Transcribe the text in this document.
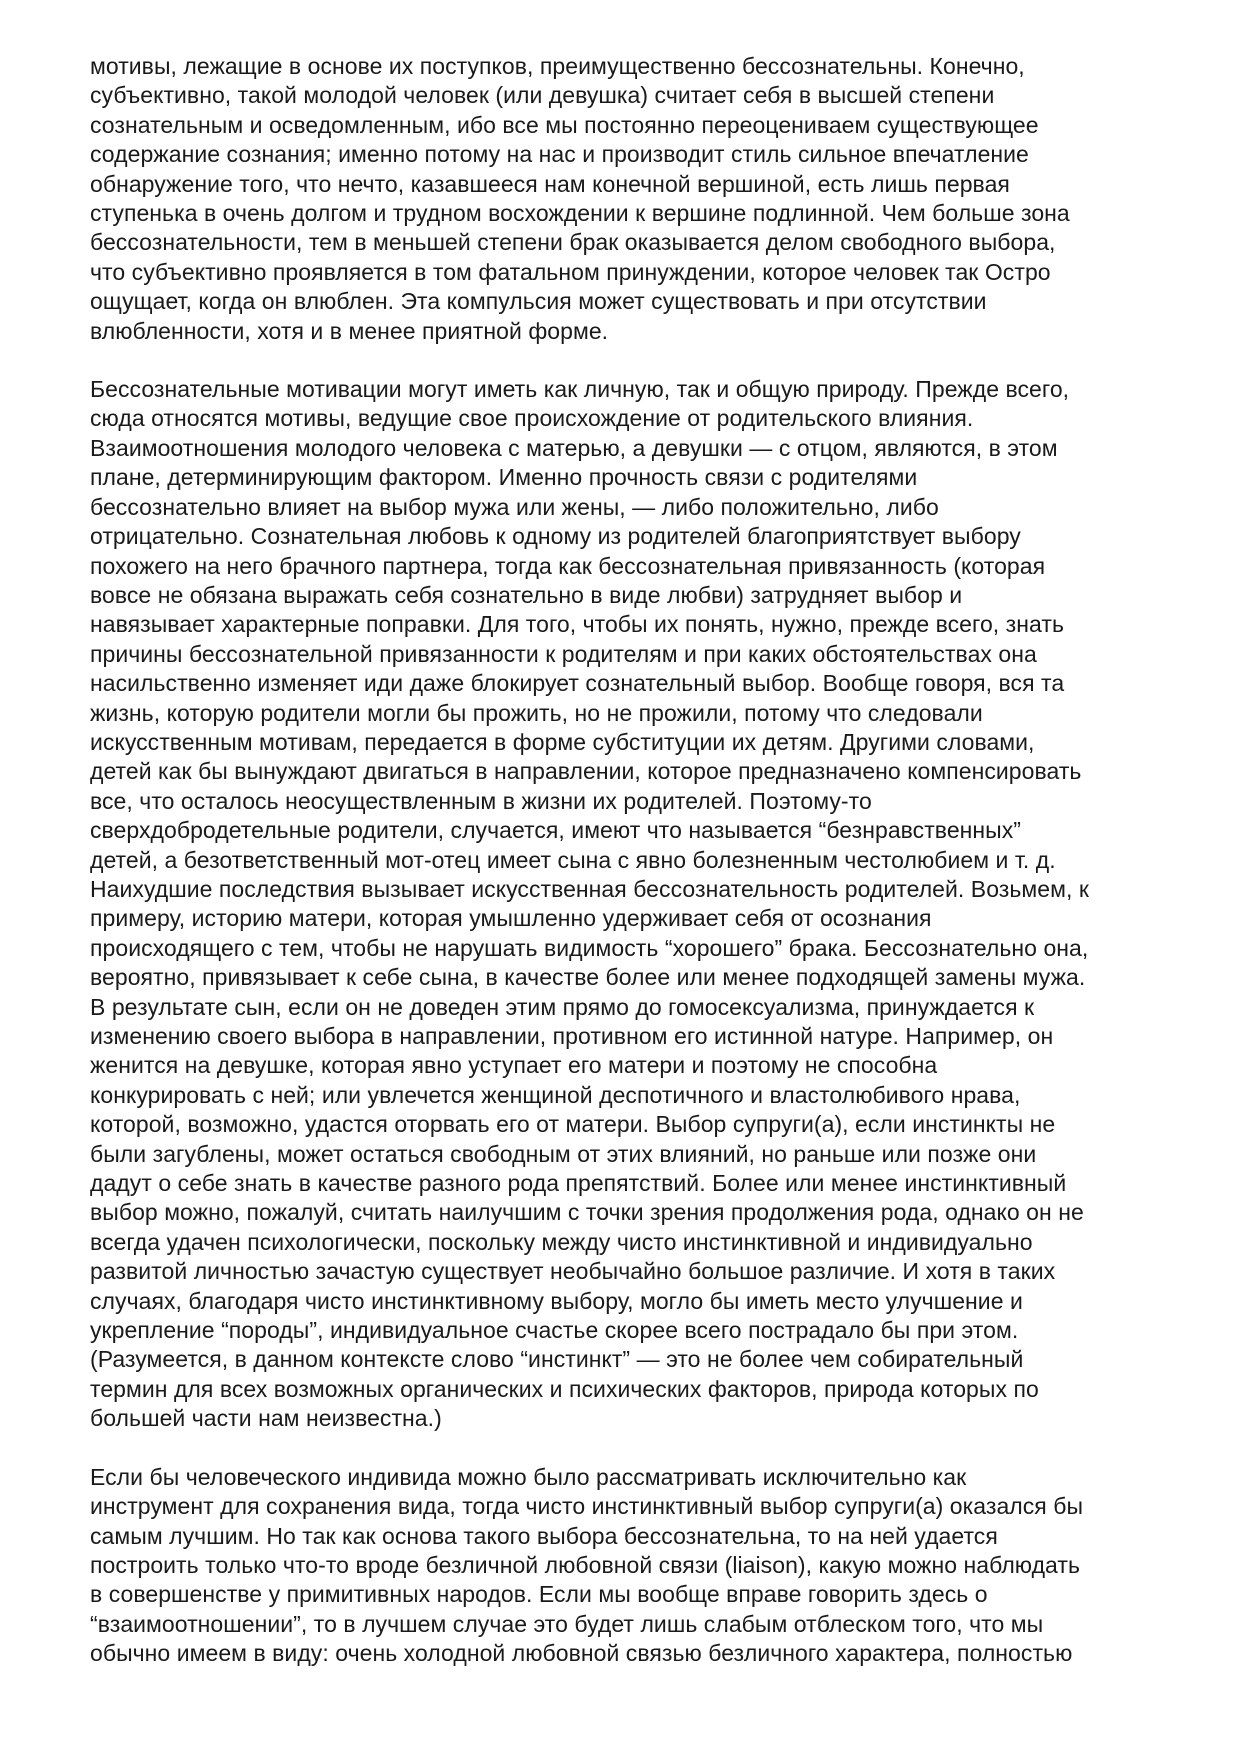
мотивы, лежащие в основе их поступков, преимущественно бессознательны. Конечно,
субъективно, такой молодой человек (или девушка) считает себя в высшей степени
сознательным и осведомленным, ибо все мы постоянно переоцениваем существующее
содержание сознания; именно потому на нас и производит стиль сильное впечатление
обнаружение того, что нечто, казавшееся нам конечной вершиной, есть лишь первая
ступенька в очень долгом и трудном восхождении к вершине подлинной. Чем больше зона
бессознательности, тем в меньшей степени брак оказывается делом свободного выбора,
что субъективно проявляется в том фатальном принуждении, которое человек так Остро
ощущает, когда он влюблен. Эта компульсия может существовать и при отсутствии
влюбленности, хотя и в менее приятной форме.

Бессознательные мотивации могут иметь как личную, так и общую природу. Прежде всего,
сюда относятся мотивы, ведущие свое происхождение от родительского влияния.
Взаимоотношения молодого человека с матерью, а девушки — с отцом, являются, в этом
плане, детерминирующим фактором. Именно прочность связи с родителями
бессознательно влияет на выбор мужа или жены, — либо положительно, либо
отрицательно. Сознательная любовь к одному из родителей благоприятствует выбору
похожего на него брачного партнера, тогда как бессознательная привязанность (которая
вовсе не обязана выражать себя сознательно в виде любви) затрудняет выбор и
навязывает характерные поправки. Для того, чтобы их понять, нужно, прежде всего, знать
причины бессознательной привязанности к родителям и при каких обстоятельствах она
насильственно изменяет иди даже блокирует сознательный выбор. Вообще говоря, вся та
жизнь, которую родители могли бы прожить, но не прожили, потому что следовали
искусственным мотивам, передается в форме субституции их детям. Другими словами,
детей как бы вынуждают двигаться в направлении, которое предназначено компенсировать
все, что осталось неосуществленным в жизни их родителей. Поэтому-то
сверхдобродетельные родители, случается, имеют что называется “безнравственных”
детей, а безответственный мот-отец имеет сына с явно болезненным честолюбием и т. д.
Наихудшие последствия вызывает искусственная бессознательность родителей. Возьмем, к
примеру, историю матери, которая умышленно удерживает себя от осознания
происходящего с тем, чтобы не нарушать видимость “хорошего” брака. Бессознательно она,
вероятно, привязывает к себе сына, в качестве более или менее подходящей замены мужа.
В результате сын, если он не доведен этим прямо до гомосексуализма, принуждается к
изменению своего выбора в направлении, противном его истинной натуре. Например, он
женится на девушке, которая явно уступает его матери и поэтому не способна
конкурировать с ней; или увлечется женщиной деспотичного и властолюбивого нрава,
которой, возможно, удастся оторвать его от матери. Выбор супруги(а), если инстинкты не
были загублены, может остаться свободным от этих влияний, но раньше или позже они
дадут о себе знать в качестве разного рода препятствий. Более или менее инстинктивный
выбор можно, пожалуй, считать наилучшим с точки зрения продолжения рода, однако он не
всегда удачен психологически, поскольку между чисто инстинктивной и индивидуально
развитой личностью зачастую существует необычайно большое различие. И хотя в таких
случаях, благодаря чисто инстинктивному выбору, могло бы иметь место улучшение и
укрепление “породы”, индивидуальное счастье скорее всего пострадало бы при этом.
(Разумеется, в данном контексте слово “инстинкт” — это не более чем собирательный
термин для всех возможных органических и психических факторов, природа которых по
большей части нам неизвестна.)

Если бы человеческого индивида можно было рассматривать исключительно как
инструмент для сохранения вида, тогда чисто инстинктивный выбор супруги(а) оказался бы
самым лучшим. Но так как основа такого выбора бессознательна, то на ней удается
построить только что-то вроде безличной любовной связи (liaison), какую можно наблюдать
в совершенстве у примитивных народов. Если мы вообще вправе говорить здесь о
“взаимоотношении”, то в лучшем случае это будет лишь слабым отблеском того, что мы
обычно имеем в виду: очень холодной любовной связью безличного характера, полностью
